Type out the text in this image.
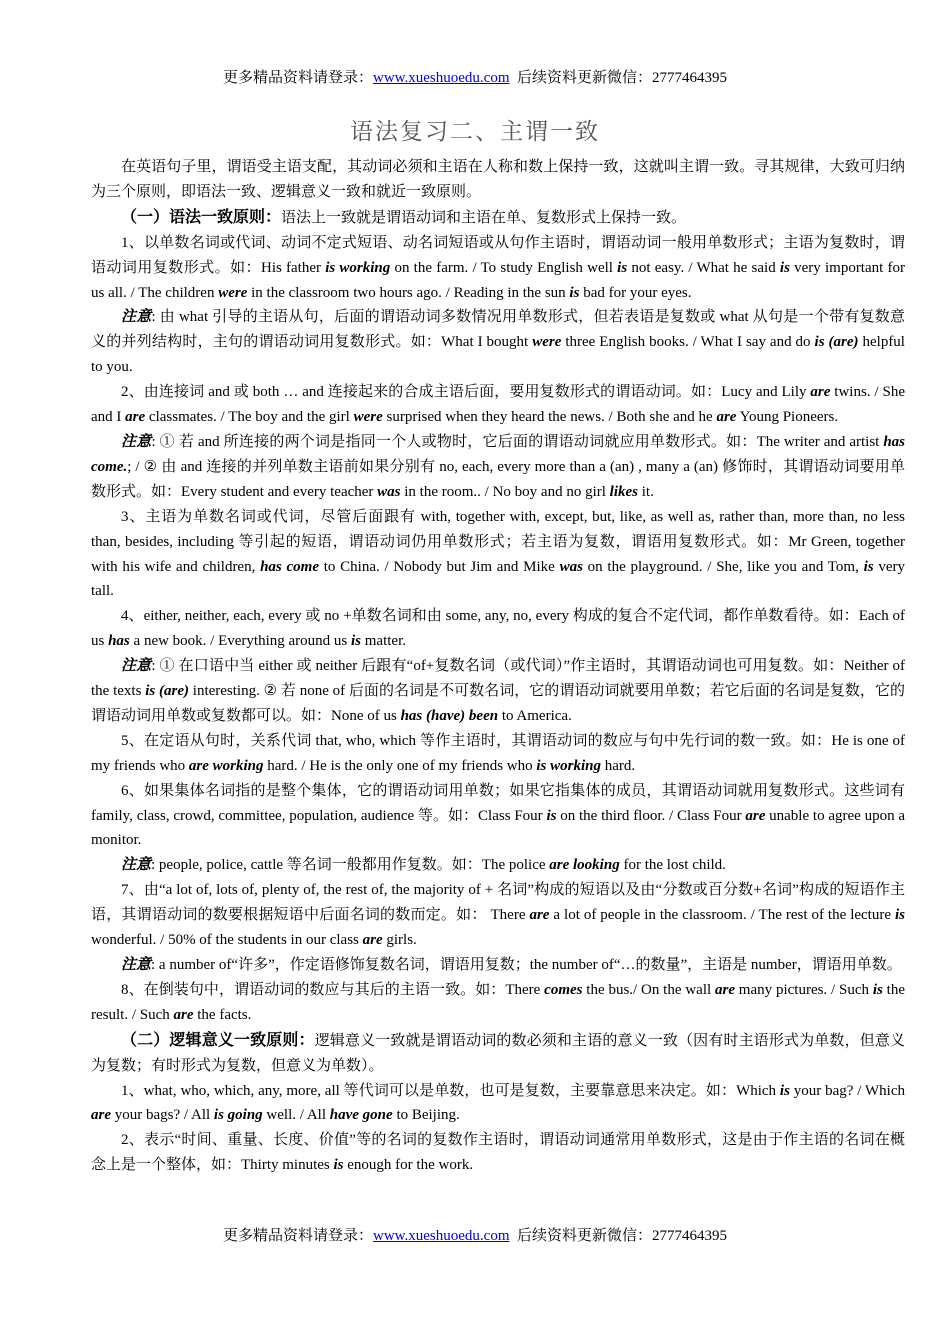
更多精品资料请登录：www.xueshuoedu.com 后续资料更新微信：2777464395
语法复习二、主谓一致

在英语句子里，谓语受主语支配，其动词必须和主语在人称和数上保持一致，这就叫主谓一致。寻其规律，大致可归纳为三个原则，即语法一致、逻辑意义一致和就近一致原则。

（一）语法一致原则：语法上一致就是谓语动词和主语在单、复数形式上保持一致。

1、以单数名词或代词、动词不定式短语、动名词短语或从句作主语时，谓语动词一般用单数形式；主语为复数时，谓语动词用复数形式。如：His father is working on the farm. / To study English well is not easy. / What he said is very important for us all. / The children were in the classroom two hours ago. / Reading in the sun is bad for your eyes.

注意: 由 what 引导的主语从句，后面的谓语动词多数情况用单数形式，但若表语是复数或 what 从句是一个带有复数意义的并列结构时，主句的谓语动词用复数形式。如：What I bought were three English books. / What I say and do is (are) helpful to you.

2、由连接词 and 或 both … and 连接起来的合成主语后面，要用复数形式的谓语动词。如：Lucy and Lily are twins. / She and I are classmates. / The boy and the girl were surprised when they heard the news. / Both she and he are Young Pioneers.

注意: ① 若 and 所连接的两个词是指同一个人或物时，它后面的谓语动词就应用单数形式。如：The writer and artist has come.; / ② 由 and 连接的并列单数主语前如果分别有 no, each, every more than a (an) , many a (an) 修饰时，其谓语动词要用单数形式。如：Every student and every teacher was in the room.. / No boy and no girl likes it.

3、主语为单数名词或代词，尽管后面跟有 with, together with, except, but, like, as well as, rather than, more than, no less than, besides, including 等引起的短语，谓语动词仍用单数形式；若主语为复数，谓语用复数形式。如：Mr Green, together with his wife and children, has come to China. / Nobody but Jim and Mike was on the playground. / She, like you and Tom, is very tall.

4、either, neither, each, every 或 no +单数名词和由 some, any, no, every 构成的复合不定代词，都作单数看待。如：Each of us has a new book. / Everything around us is matter.

注意: ① 在口语中当 either 或 neither 后跟有“of+复数名词（或代词）”作主语时，其谓语动词也可用复数。如：Neither of the texts is (are) interesting. ② 若 none of 后面的名词是不可数名词，它的谓语动词就要用单数；若它后面的名词是复数，它的谓语动词用单数或复数都可以。如：None of us has (have) been to America.

5、在定语从句时，关系代词 that, who, which 等作主语时，其谓语动词的数应与句中先行词的数一致。如：He is one of my friends who are working hard. / He is the only one of my friends who is working hard.

6、如果集体名词指的是整个集体，它的谓语动词用单数；如果它指集体的成员，其谓语动词就用复数形式。这些词有 family, class, crowd, committee, population, audience 等。如：Class Four is on the third floor. / Class Four are unable to agree upon a monitor.

注意: people, police, cattle 等名词一般都用作复数。如：The police are looking for the lost child.

7、由“a lot of, lots of, plenty of, the rest of, the majority of + 名词”构成的短语以及由“分数或百分数+名词”构成的短语作主语，其谓语动词的数要根据短语中后面名词的数而定。如： There are a lot of people in the classroom. / The rest of the lecture is wonderful. / 50% of the students in our class are girls.

注意: a number of“许多”，作定语修饰复数名词，谓语用复数；the number of“…的数量”，主语是 number，谓语用单数。

8、在倒装句中，谓语动词的数应与其后的主语一致。如：There comes the bus./ On the wall are many pictures. / Such is the result. / Such are the facts.

（二）逻辑意义一致原则：逻辑意义一致就是谓语动词的数必须和主语的意义一致（因有时主语形式为单数，但意义为复数；有时形式为复数，但意义为单数）。

1、what, who, which, any, more, all 等代词可以是单数，也可是复数，主要靠意思来决定。如：Which is your bag? / Which are your bags? / All is going well. / All have gone to Beijing.

2、表示“时间、重量、长度、价值”等的名词的复数作主语时，谓语动词通常用单数形式，这是由于作主语的名词在概念上是一个整体，如：Thirty minutes is enough for the work.

更多精品资料请登录：www.xueshuoedu.com 后续资料更新微信：2777464395
